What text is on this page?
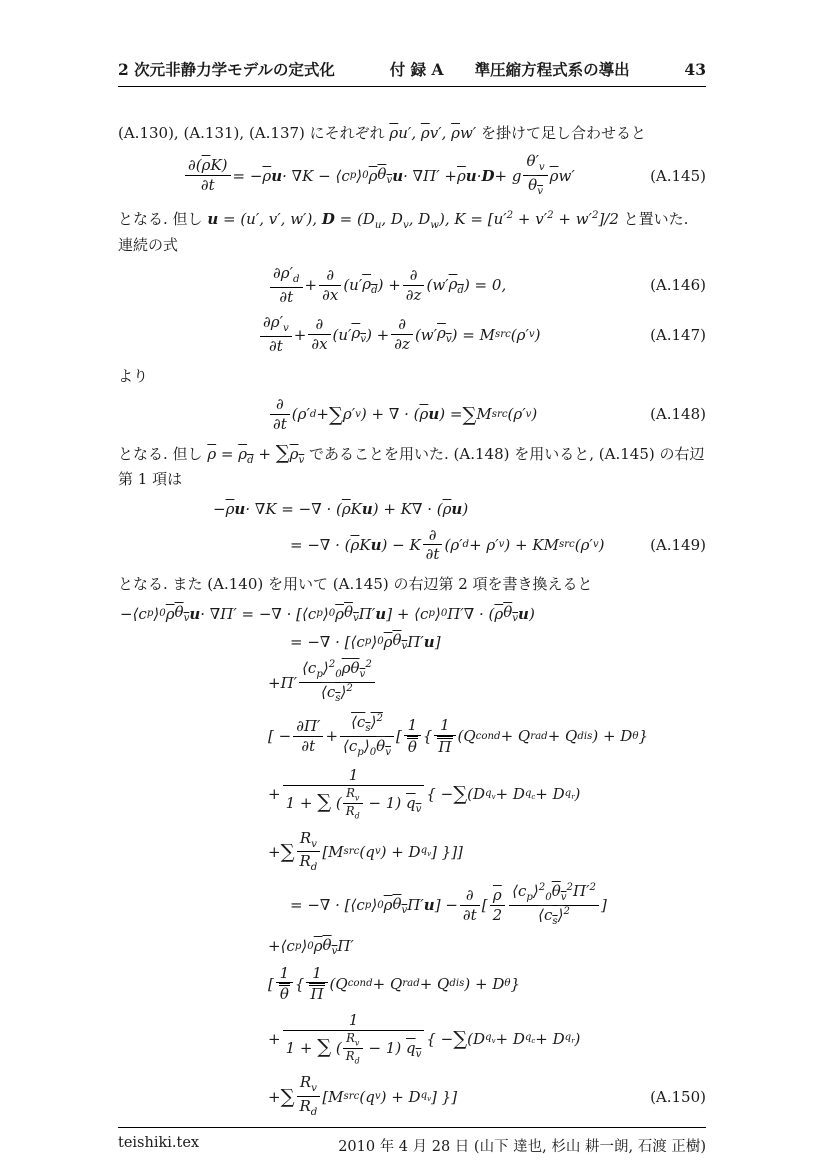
2 次元非静力学モデルの定式化	付 録 A　　準圧縮方程式系の導出	43
(A.130), (A.131), (A.137) にそれぞれ $\overline{\rho}u'$, $\overline{\rho}v'$, $\overline{\rho}w'$ を掛けて足し合わせると
$\partial(\overline{\rho}K)$
∂t
= − $\overline{\rho}$ u · ∇K − ⟨c p ⟩ 0 $\overline{\rho}$ $\theta_v$ $u \cdot \nabla\Pi' + \overline{\rho}$ u · D + g
$\theta'_v$
$\theta_v$
$\overline{\rho}$ w′	(A.145)
となる. 但し u = (u′, v′, w′), $D = (D_u$, $D_v$, $D_w$), $K = [u'^2 + v'^2 + w'^2]/2$ と置いた. 連続の式
$\partial\rho'_d$
∂t
+
∂
∂x
(u′ $\rho_d$ ) +
∂
∂z
(w′ $\rho_d$ ) = 0,	(A.146)
$\partial\rho'_v$
∂t
+
∂
∂x
(u′ $\rho_v$ ) +
∂
∂z
(w′ $\rho_v$ ) = M src (ρ′ v )	(A.147)
より
∂
∂t
(ρ′ d + ∑ ρ′ v ) + ∇ · ( $\overline{\rho}$ u ) = ∑ M src (ρ′ v )	(A.148)
となる. 但し $\overline{\rho} = \rho_d + \sum\rho_v$ であることを用いた. (A.148) を用いると, (A.145) の右辺第 1 項は
− $\overline{\rho}$ u · ∇K = −∇ · ( $\overline{\rho}$ K u ) + K∇ · ( $\overline{\rho}$ u )
= −∇ · ( $\overline{\rho}$ K u ) − K
∂
∂t
(ρ′ d + ρ′ v ) + KM src (ρ′ v )	(A.149)
となる. また (A.140) を用いて (A.145) の右辺第 2 項を書き換えると
−⟨c p ⟩ 0 $\overline{\rho}$ $\theta_v$ u · ∇Π′ = −∇ · [⟨c p ⟩ 0 $\overline{\rho}$ $\theta_v$ Π′ u ] + ⟨c p ⟩ 0 Π′∇ · ( $\overline{\rho}$ $\theta_v$ u )
= −∇ · [⟨c p ⟩ 0 $\overline{\rho}$ $\theta_v$ Π′ u ]
+Π′
$⟨c_p⟩^2_0\overline{\rho}\theta_v^2$
$⟨c_s⟩^2$
[ −
∂Π′
∂t
+
$⟨c_s⟩^2$
$⟨c_p⟩_0\theta_v$
[
1
θ
{
1
Π
(Q cond + Q rad + Q dis ) + D θ }
+
1
1 + ∑ ( $\frac{R_v}{R_d} - 1$) $q_v$
{ − ∑ (D $q_v + D$ $q_c + D$ $q_r$ )
+ ∑
$R_v$
$R_d$
[M src (q v ) + D $q_v$ ] }]]
= −∇ · [⟨c p ⟩ 0 $\overline{\rho}$ $\theta_v$ Π′ u ] −
∂
∂t
[
$\overline{\rho}$
2
$⟨c_p⟩^2_0\theta_v^2\Pi'^2$
$⟨c_s⟩^2$	]
+⟨c p ⟩ 0 $\overline{\rho}$ $\theta_v$ Π′
[
1
θ
{
1
Π
(Q cond + Q rad + Q dis ) + D θ }
+
1
1 + ∑ ( $\frac{R_v}{R_d} - 1$) $q_v$
{ − ∑ (D $q_v + D$ $q_c + D$ $q_r$ )
+ ∑
$R_v$
$R_d$
[M src (q v ) + D $q_v$ ] }]	(A.150)
teishiki.tex	2010 年 4 月 28 日 (山下 達也, 杉山 耕一朗, 石渡 正樹)
